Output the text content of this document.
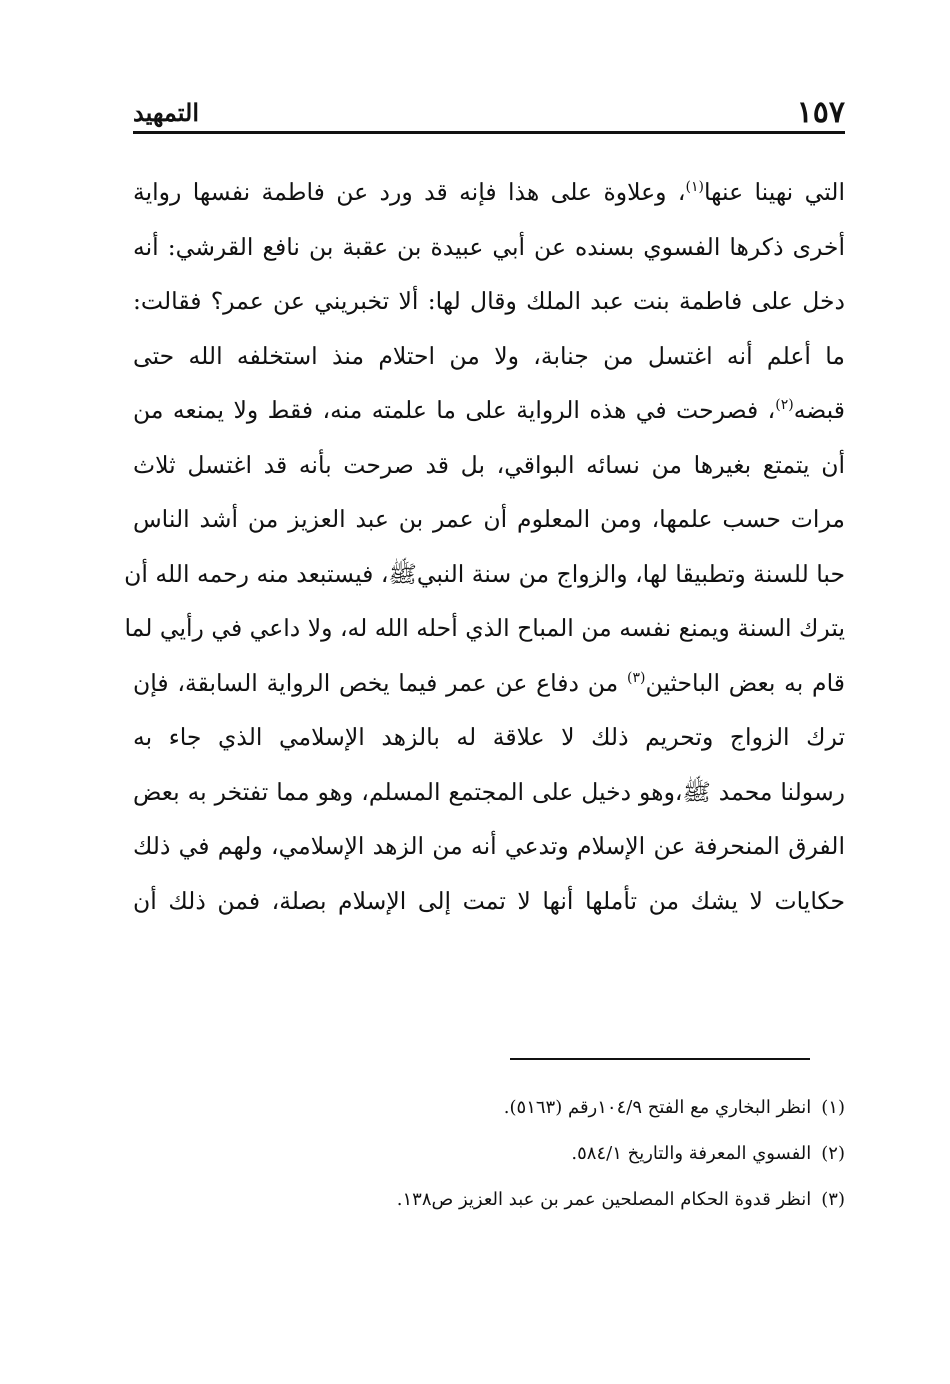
١٥٧
التمهيد
التي نهينا عنها$^{(١)}$، وعلاوة على هذا فإنه قد ورد عن فاطمة نفسها رواية
أخرى ذكرها الفسوي بسنده عن أبي عبيدة بن عقبة بن نافع القرشي: أنه
دخل على فاطمة بنت عبد الملك وقال لها: ألا تخبريني عن عمر؟ فقالت:
ما أعلم أنه اغتسل من جنابة، ولا من احتلام منذ استخلفه الله حتى
قبضه$^{(٢)}$، فصرحت في هذه الرواية على ما علمته منه، فقط ولا يمنعه من
أن يتمتع بغيرها من نسائه البواقي، بل قد صرحت بأنه قد اغتسل ثلاث
مرات حسب علمها، ومن المعلوم أن عمر بن عبد العزيز من أشد الناس
حبا للسنة وتطبيقا لها، والزواج من سنة النبيﷺ، فيستبعد منه رحمه الله أن
يترك السنة ويمنع نفسه من المباح الذي أحله الله له، ولا داعي في رأيي لما
قام به بعض الباحثين$^{(٣)}$ من دفاع عن عمر فيما يخص الرواية السابقة، فإن
ترك الزواج وتحريم ذلك لا علاقة له بالزهد الإسلامي الذي جاء به
رسولنا محمد ﷺ،وهو دخيل على المجتمع المسلم، وهو مما تفتخر به بعض
الفرق المنحرفة عن الإسلام وتدعي أنه من الزهد الإسلامي، ولهم في ذلك
حكايات لا يشك من تأملها أنها لا تمت إلى الإسلام بصلة، فمن ذلك أن
(١)انظر البخاري مع الفتح ١٠٤/٩رقم (٥١٦٣).
(٢)الفسوي المعرفة والتاريخ ٥٨٤/١.
(٣)انظر قدوة الحكام المصلحين عمر بن عبد العزيز ص١٣٨.
